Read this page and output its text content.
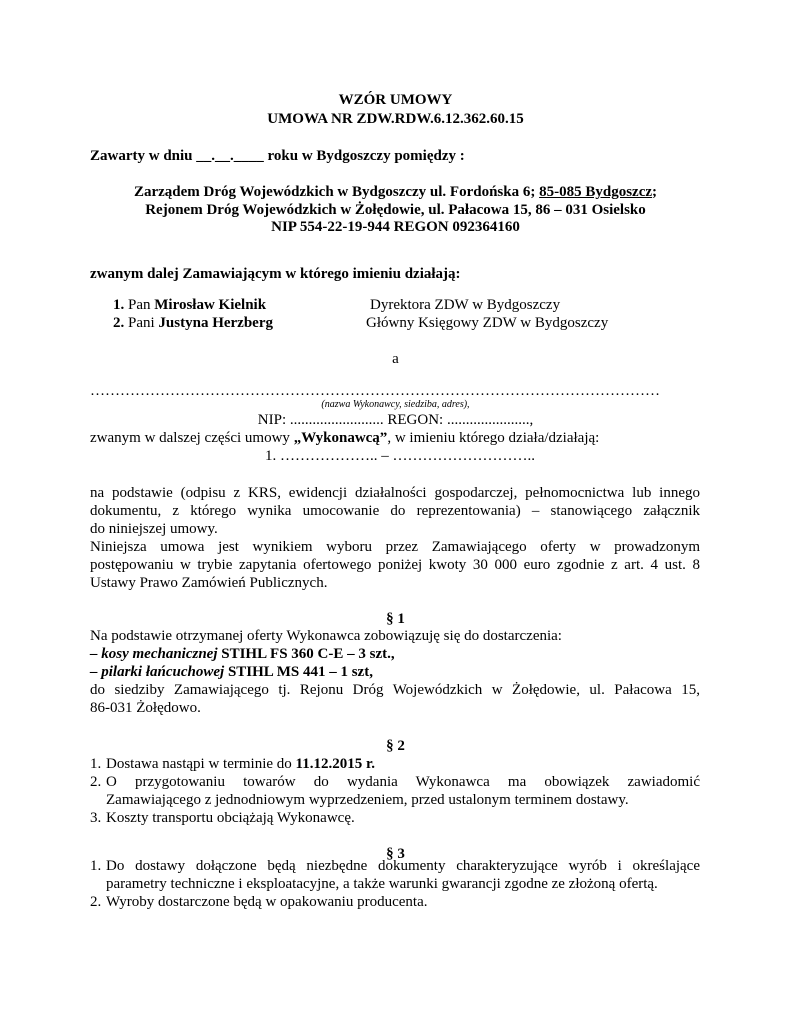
WZÓR UMOWY
UMOWA NR ZDW.RDW.6.12.362.60.15
Zawarty w dniu __.__.____ roku w Bydgoszczy pomiędzy :
Zarządem Dróg Wojewódzkich w Bydgoszczy ul. Fordońska 6; 85-085 Bydgoszcz;
Rejonem Dróg Wojewódzkich w Żołędowie, ul. Pałacowa 15, 86 – 031 Osielsko
NIP 554-22-19-944 REGON 092364160
zwanym dalej Zamawiającym w którego imieniu działają:
1. Pan Mirosław Kielnik	Dyrektora ZDW w Bydgoszczy
2. Pani Justyna Herzberg	Główny Księgowy ZDW w Bydgoszczy
a
……………………………………………………………………………………………………
(nazwa Wykonawcy, siedziba, adres),
NIP: ......................... REGON: ......................,
zwanym w dalszej części umowy „Wykonawcą”, w imieniu którego działa/działają:
1. ……………….. – ………………………..
na podstawie (odpisu z KRS, ewidencji działalności gospodarczej, pełnomocnictwa lub innego
dokumentu, z którego wynika umocowanie do reprezentowania) – stanowiącego załącznik
do niniejszej umowy.
Niniejsza umowa jest wynikiem wyboru przez Zamawiającego oferty w prowadzonym
postępowaniu w trybie zapytania ofertowego poniżej kwoty 30 000 euro zgodnie z art. 4 ust. 8
Ustawy Prawo Zamówień Publicznych.
§ 1
Na podstawie otrzymanej oferty Wykonawca zobowiązuję się do dostarczenia:
– kosy mechanicznej STIHL FS 360 C-E – 3 szt.,
– pilarki łańcuchowej STIHL MS 441 – 1 szt,
do siedziby Zamawiającego tj. Rejonu Dróg Wojewódzkich w Żołędowie, ul. Pałacowa 15,
86-031 Żołędowo.
§ 2
1. Dostawa nastąpi w terminie do 11.12.2015 r.
2. O przygotowaniu towarów do wydania Wykonawca ma obowiązek zawiadomić
Zamawiającego z jednodniowym wyprzedzeniem, przed ustalonym terminem dostawy.
3. Koszty transportu obciążają Wykonawcę.
§ 3
1. Do dostawy dołączone będą niezbędne dokumenty charakteryzujące wyrób i określające
parametry techniczne i eksploatacyjne, a także warunki gwarancji zgodne ze złożoną ofertą.
2. Wyroby dostarczone będą w opakowaniu producenta.
